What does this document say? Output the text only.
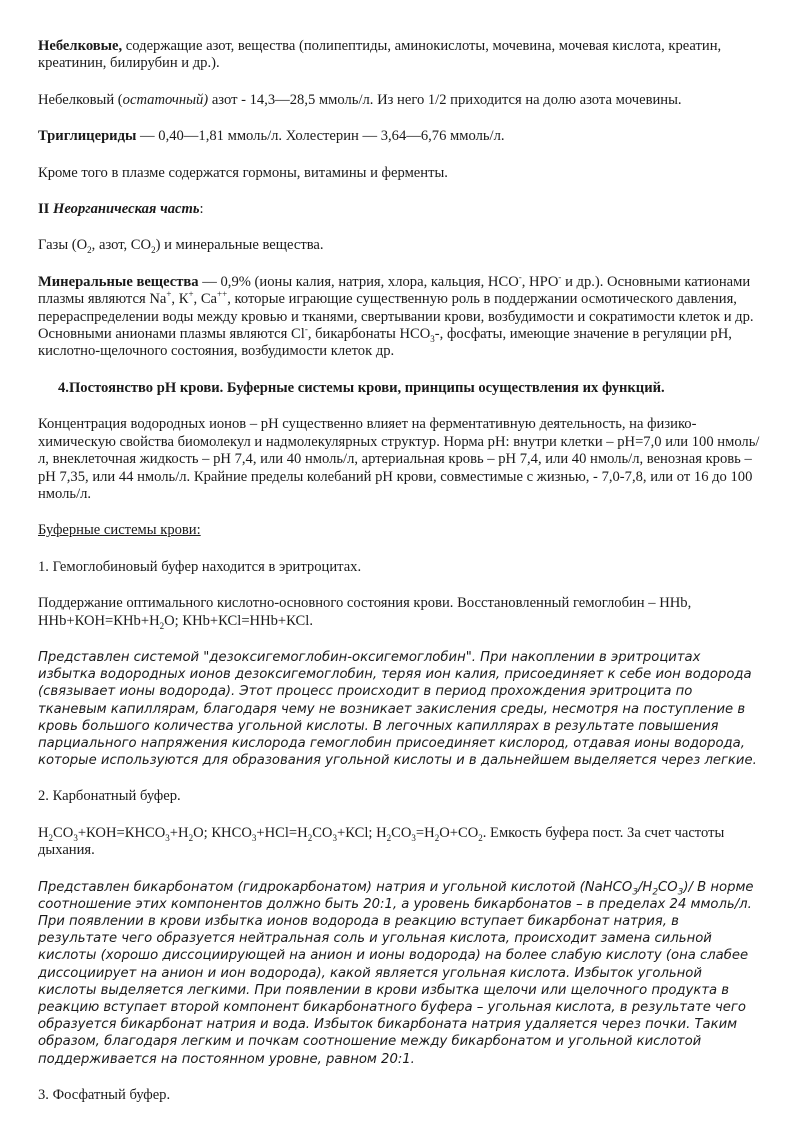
Небелковые, содержащие азот, вещества (полипептиды, аминокислоты, мочевина, мочевая кислота, креатин, креатинин, билирубин и др.).

Небелковый (остаточный) азот - 14,3—28,5 ммоль/л. Из него 1/2 приходится на долю азота мочевины.

Триглицериды — 0,40—1,81 ммоль/л. Холестерин — 3,64—6,76 ммоль/л.

Кроме того в плазме содержатся гормоны, витамины и ферменты.

II Неорганическая часть:

Газы ($О_2$, азот, $СО_2$) и минеральные вещества.

Минеральные вещества — 0,9% (ионы калия, натрия, хлора, кальция, НСО-, НРО- и др.). Основными катионами плазмы являются Na+, К+, Са++, которые играющие существенную роль в поддержании осмотического давления, перераспределении воды между кровью и тканями, свертывании крови, возбудимости и сократимости клеток и др. Основными анионами плазмы являются Сl-, бикарбонаты $НСО_3-$, фосфаты, имеющие значение в регуляции рН, кислотно-щелочного состояния, возбудимости клеток др.

4.Постоянство рН крови. Буферные системы крови, принципы осуществления их функций.

Концентрация водородных ионов – рН существенно влияет на ферментативную деятельность, на физико-химическую свойства биомолекул и надмолекулярных структур. Норма рН: внутри клетки – рН=7,0 или 100 нмоль/л, внеклеточная жидкость – рН 7,4, или 40 нмоль/л, артериальная кровь – рН 7,4, или 40 нмоль/л, венозная кровь – рН 7,35, или 44 нмоль/л. Крайние пределы колебаний рН крови, совместимые с жизнью, - 7,0-7,8, или от 16 до 100 нмоль/л.

Буферные системы крови:

1. Гемоглобиновый буфер находится в эритроцитах.

Поддержание оптимального кислотно-основного состояния крови. Восстановленный гемоглобин – ННb, $ННb+КОН=КНb+Н_2О$; КНb+КСl=ННb+КСl.

Представлен системой "дезоксигемоглобин-оксигемоглобин". При накоплении в эритроцитах избытка водородных ионов дезоксигемоглобин, теряя ион калия, присоединяет к себе ион водорода (связывает ионы водорода). Этот процесс происходит в период прохождения эритроцита по тканевым капиллярам, благодаря чему не возникает закисления среды, несмотря на поступление в кровь большого количества угольной кислоты. В легочных капиллярах в результате повышения парциального напряжения кислорода гемоглобин присоединяет кислород, отдавая ионы водорода, которые используются для образования угольной кислоты и в дальнейшем выделяется через легкие.

2. Карбонатный буфер.

$Н_2СО_3+КОН=КНСО_3+Н_2О$; $КНСО_3+НСl=Н_2СО_3+КСl$; $Н_2СО_3=Н_2О+СО_2$. Емкость буфера пост. За счет частоты дыхания.

Представлен бикарбонатом (гидрокарбонатом) натрия и угольной кислотой $(NaHCO_3/H_2CO_3)/$ В норме соотношение этих компонентов должно быть 20:1, а уровень бикарбонатов – в пределах 24 ммоль/л. При появлении в крови избытка ионов водорода в реакцию вступает бикарбонат натрия, в результате чего образуется нейтральная соль и угольная кислота, происходит замена сильной кислоты (хорошо диссоциирующей на анион и ионы водорода) на более слабую кислоту (она слабее диссоциирует на анион и ион водорода), какой является угольная кислота. Избыток угольной кислоты выделяется легкими. При появлении в крови избытка щелочи или щелочного продукта в реакцию вступает второй компонент бикарбонатного буфера – угольная кислота, в результате чего образуется бикарбонат натрия и вода. Избыток бикарбоната натрия удаляется через почки. Таким образом, благодаря легким и почкам соотношение между бикарбонатом и угольной кислотой поддерживается на постоянном уровне, равном 20:1.

3. Фосфатный буфер.
